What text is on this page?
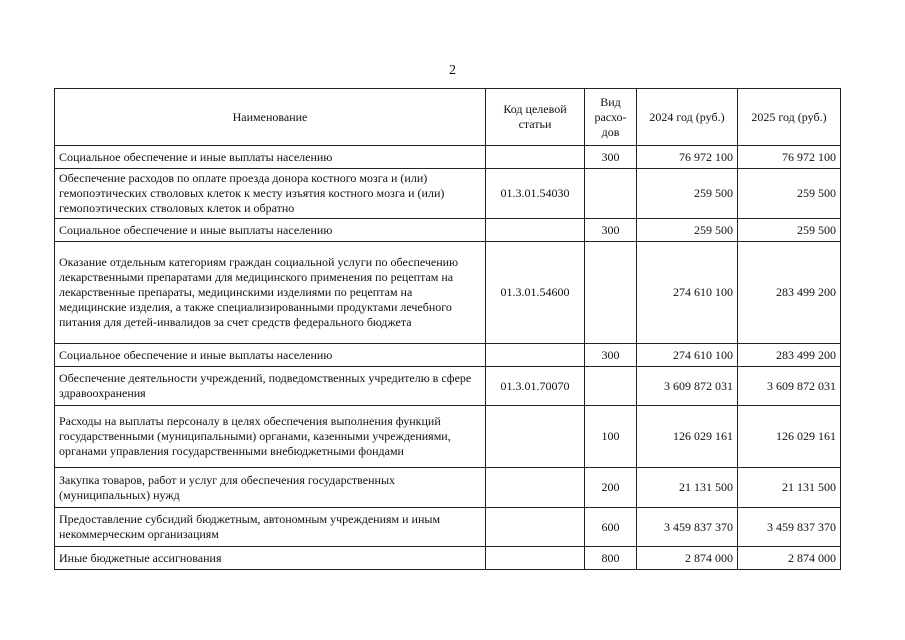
2
Наименование	Код целевой статьи	Вид расхо-дов	2024 год (руб.)	2025 год (руб.)
Социальное обеспечение и иные выплаты населению		300	76 972 100	76 972 100
Обеспечение расходов по оплате проезда донора костного мозга и (или) гемопоэтических стволовых клеток к месту изъятия костного мозга и (или) гемопоэтических стволовых клеток и обратно	01.3.01.54030		259 500	259 500
Социальное обеспечение и иные выплаты населению		300	259 500	259 500
Оказание отдельным категориям граждан социальной услуги по обеспечению лекарственными препаратами для медицинского применения по рецептам на лекарственные препараты, медицинскими изделиями по рецептам на медицинские изделия, а также специализированными продуктами лечебного питания для детей-инвалидов за счет средств федерального бюджета	01.3.01.54600		274 610 100	283 499 200
Социальное обеспечение и иные выплаты населению		300	274 610 100	283 499 200
Обеспечение деятельности учреждений, подведомственных учредителю в сфере здравоохранения	01.3.01.70070		3 609 872 031	3 609 872 031
Расходы на выплаты персоналу в целях обеспечения выполнения функций государственными (муниципальными) органами, казенными учреждениями, органами управления государственными внебюджетными фондами		100	126 029 161	126 029 161
Закупка товаров, работ и услуг для обеспечения государственных (муниципальных) нужд		200	21 131 500	21 131 500
Предоставление субсидий бюджетным, автономным учреждениям и иным некоммерческим организациям		600	3 459 837 370	3 459 837 370
Иные бюджетные ассигнования		800	2 874 000	2 874 000
